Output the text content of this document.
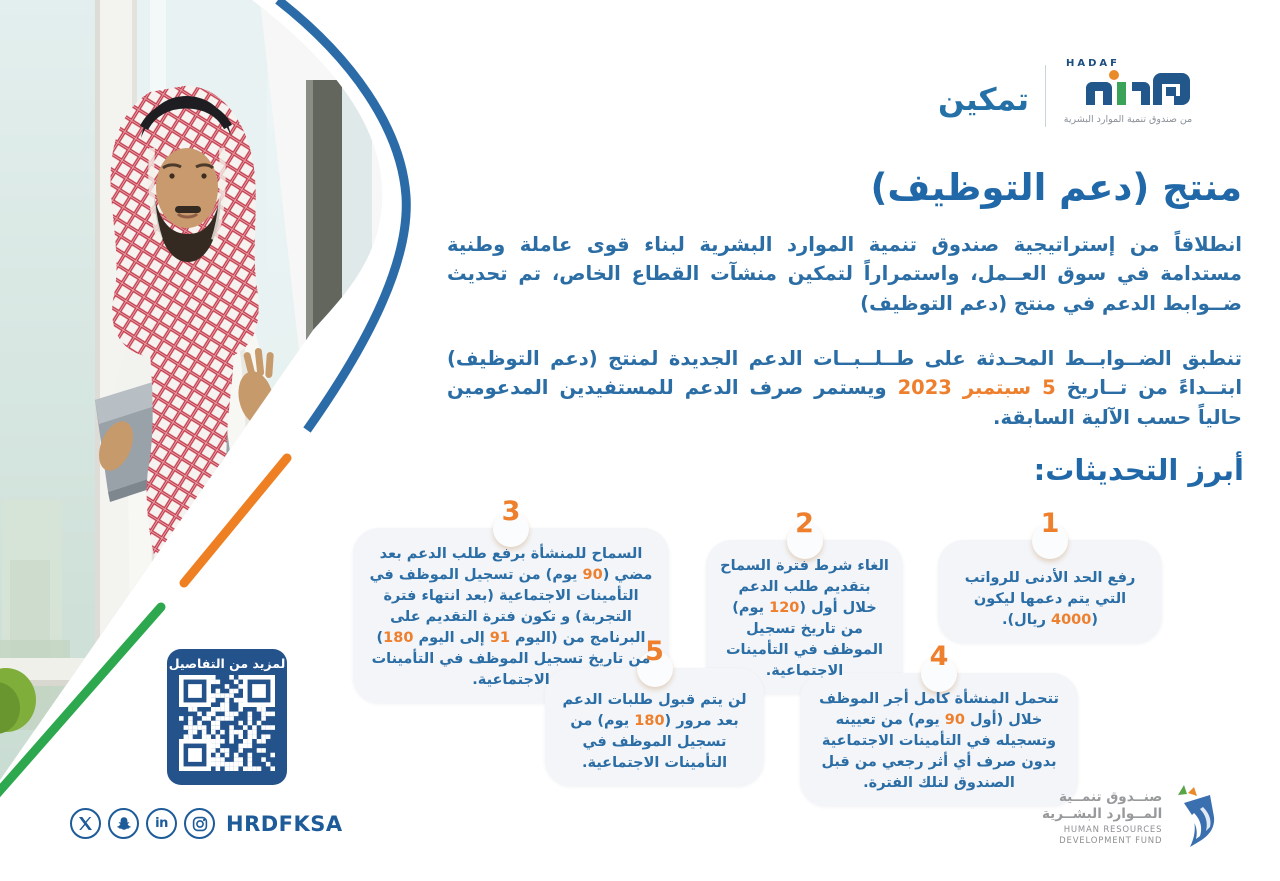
تمكين
HADAF
من صندوق تنمية الموارد البشرية
منتج (دعم التوظيف)

انطلاقاً من إستراتيجية صندوق تنمية الموارد البشرية لبناء قوى عاملة وطنية مستدامة في سوق العــمل، واستمراراً لتمكين منشآت القطاع الخاص، تم تحديث ضــوابط الدعم في منتج (دعم التوظيف)

تنطبق الضــوابــط المحـدثة على طــلــبــات الدعم الجديدة لمنتج (دعم التوظيف) ابتــداءً من تــاريخ 5 سبتمبر 2023 ويستمر صرف الدعم للمستفيدين المدعومين حالياً حسب الآلية السابقة.

أبرز التحديثات:
1
رفع الحد الأدنى للرواتب التي يتم دعمها ليكون (4000 ريال).
2
الغاء شرط فترة السماح بتقديم طلب الدعم خلال أول (120 يوم) من تاريخ تسجيل الموظف في التأمينات الاجتماعية.
3
السماح للمنشأة برفع طلب الدعم بعد مضي (90 يوم) من تسجيل الموظف في التأمينات الاجتماعية (بعد انتهاء فترة التجربة) و تكون فترة التقديم على البرنامج من (اليوم 91 إلى اليوم 180) من تاريخ تسجيل الموظف في التأمينات الاجتماعية.
4
تتحمل المنشأة كامل أجر الموظف خلال (أول 90 يوم) من تعيينه وتسجيله في التأمينات الاجتماعية بدون صرف أي أثر رجعي من قبل الصندوق لتلك الفترة.
5
لن يتم قبول طلبات الدعم بعد مرور (180 يوم) من تسجيل الموظف في التأمينات الاجتماعية.
لمزيد من التفاصيل
in	HRDFKSA
صنــدوق تنمــية
المــوارد البشــرية
HUMAN RESOURCES
DEVELOPMENT FUND
